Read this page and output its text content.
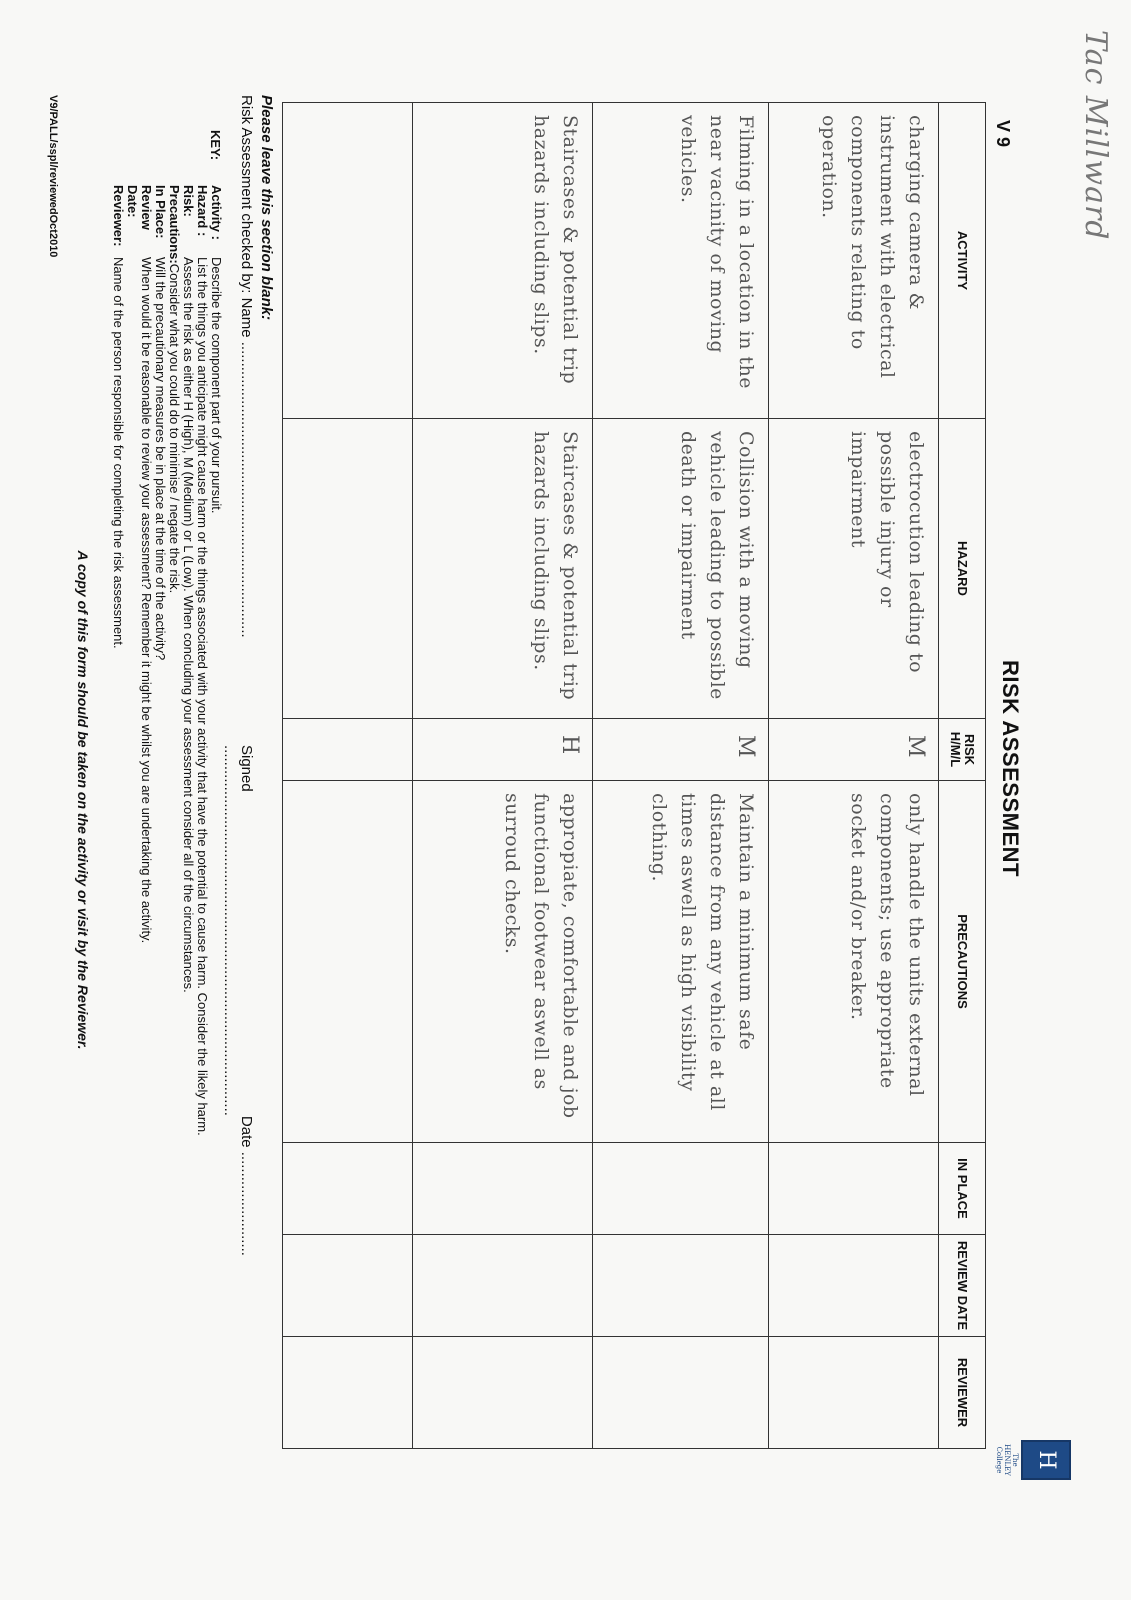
Tac Millward
V 9
RISK ASSESSMENT
H
The HENLEY College
ACTIVITY	HAZARD	RISK H/M/L	PRECAUTIONS	IN PLACE	REVIEW DATE	REVIEWER
charging camera & instrument with electrical components relating to operation.	electrocution leading to possible injury or impairment	M	only handle the units external components; use appropriate socket and/or breaker.			
Filming in a location in the near vacinity of moving vehicles.	Collision with a moving vehicle leading to possible death or impairment	M	Maintain a minimum safe distance from any vehicle at all times aswell as high visibility clothing.			
Staircases & potential trip hazards including slips.	Staircases & potential trip hazards including slips.	H	appropiate, comfortable and job functional footwear aswell as surroud checks.			

Please leave this section blank:
Risk Assessment checked by: Name .......................................................................
Signed .........................................................................................
Date .........................
KEY:
Activity :
Describe the component part of your pursuit.
Hazard :
List the things you anticipate might cause harm or the things associated with your activity that have the potential to cause harm. Consider the likely harm.
Risk:
Assess the risk as either H (High), M (Medium) or L (Low). When concluding your assessment consider all of the circumstances.
Precautions:
Consider what you could do to minimise / negate the risk.
In Place:
Will the precautionary measures be in place at the time of the activity?
Review Date:
When would it be reasonable to review your assessment? Remember it might be whilst you are undertaking the activity.
Reviewer:
Name of the person responsible for completing the risk assessment.
A copy of this form should be taken on the activity or visit by the Reviewer.
V9/PALL/sspl/reviewedOct2010
